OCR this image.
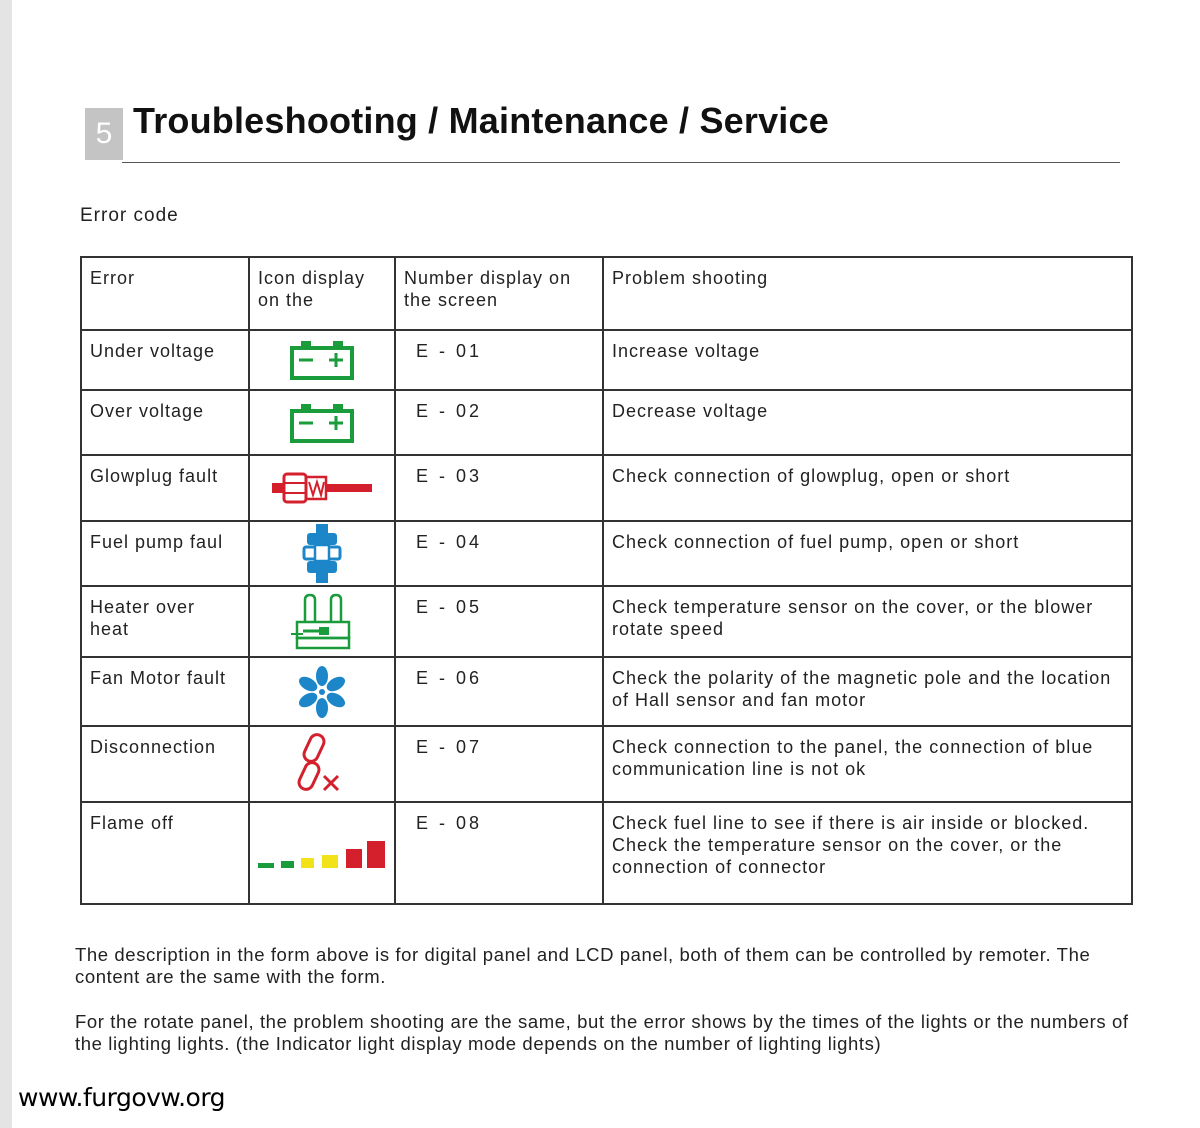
5 Troubleshooting / Maintenance / Service
Error code
Error	Icon display on the	Number display on the screen	Problem shooting
Under voltage		E - 01	Increase voltage
Over voltage		E - 02	Decrease voltage
Glowplug fault		E - 03	Check connection of glowplug, open or short
Fuel pump faul		E - 04	Check connection of fuel pump, open or short
Heater over heat		E - 05	Check temperature sensor on the cover, or the blower rotate speed
Fan Motor fault		E - 06	Check the polarity of the magnetic pole and the location of Hall sensor and fan motor
Disconnection		E - 07	Check connection to the panel, the connection of blue communication line is not ok
Flame off		E - 08	Check fuel line to see if there is air inside or blocked. Check the temperature sensor on the cover, or the connection of connector
The description in the form above is for digital panel and LCD panel, both of them can be controlled by remoter. The content are the same with the form.
For the rotate panel, the problem shooting are the same, but the error shows by the times of the lights or the numbers of the lighting lights. (the Indicator light display mode depends on the number of lighting lights)
www.furgovw.org
